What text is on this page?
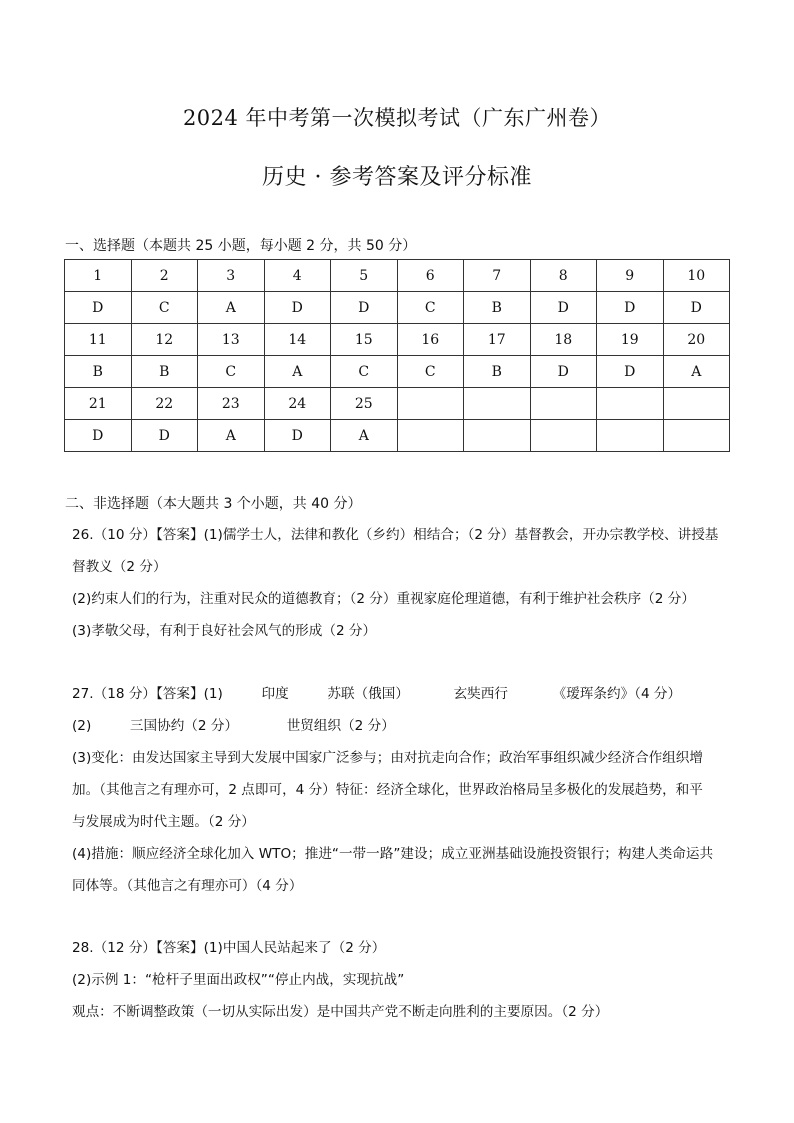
2024 年中考第一次模拟考试（广东广州卷）
历史 · 参考答案及评分标准
一、选择题（本题共 25 小题，每小题 2 分，共 50 分）
1	2	3	4	5	6	7	8	9	10
D	C	A	D	D	C	B	D	D	D
11	12	13	14	15	16	17	18	19	20
B	B	C	A	C	C	B	D	D	A
21	22	23	24	25					
D	D	A	D	A					
二、非选择题（本大题共 3 个小题，共 40 分）
26.（10 分）【答案】(1)儒学士人，法律和教化（乡约）相结合；（2 分）基督教会，开办宗教学校、讲授基
督教义（2 分）
(2)约束人们的行为，注重对民众的道德教育；（2 分）重视家庭伦理道德，有利于维护社会秩序（2 分）
(3)孝敬父母，有利于良好社会风气的形成（2 分）
27.（18 分）【答案】(1)	印度	苏联（俄国）	玄奘西行	《瑷珲条约》（4 分）
(2)	三国协约（2 分）	世贸组织（2 分）
(3)变化：由发达国家主导到大发展中国家广泛参与；由对抗走向合作；政治军事组织减少经济合作组织增
加。（其他言之有理亦可，2 点即可，4 分）特征：经济全球化，世界政治格局呈多极化的发展趋势，和平
与发展成为时代主题。（2 分）
(4)措施：顺应经济全球化加入 WTO；推进“一带一路”建设；成立亚洲基础设施投资银行；构建人类命运共
同体等。（其他言之有理亦可）（4 分）
28.（12 分）【答案】(1)中国人民站起来了（2 分）
(2)示例 1：“枪杆子里面出政权”“停止内战，实现抗战”
观点：不断调整政策（一切从实际出发）是中国共产党不断走向胜利的主要原因。（2 分）
